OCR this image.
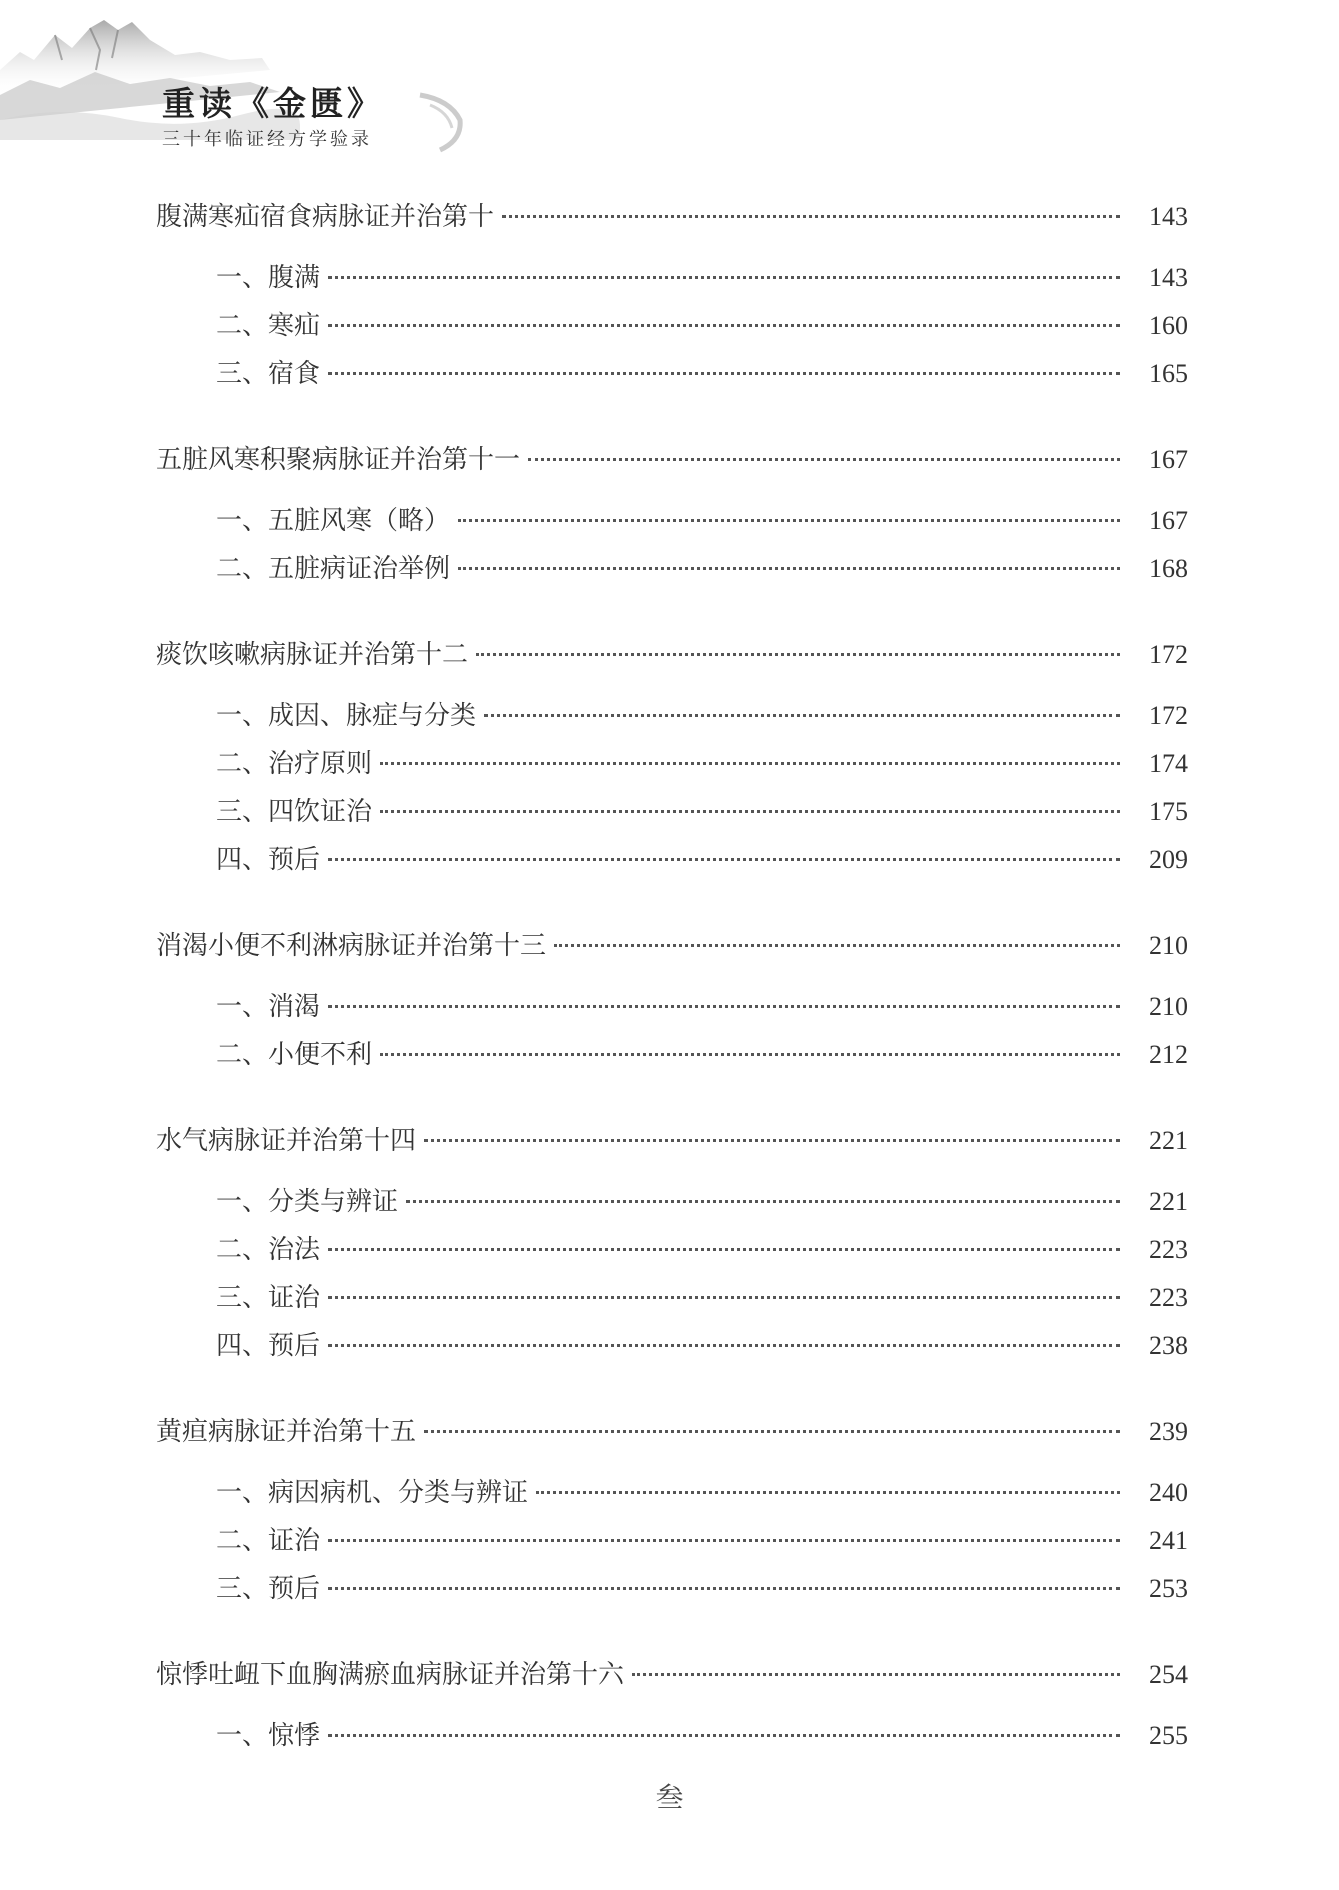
重读《金匮》
三十年临证经方学验录
腹满寒疝宿食病脉证并治第十	143
一、腹满	143
二、寒疝	160
三、宿食	165
五脏风寒积聚病脉证并治第十一	167
一、五脏风寒（略）	167
二、五脏病证治举例	168
痰饮咳嗽病脉证并治第十二	172
一、成因、脉症与分类	172
二、治疗原则	174
三、四饮证治	175
四、预后	209
消渴小便不利淋病脉证并治第十三	210
一、消渴	210
二、小便不利	212
水气病脉证并治第十四	221
一、分类与辨证	221
二、治法	223
三、证治	223
四、预后	238
黄疸病脉证并治第十五	239
一、病因病机、分类与辨证	240
二、证治	241
三、预后	253
惊悸吐衄下血胸满瘀血病脉证并治第十六	254
一、惊悸	255
叁
